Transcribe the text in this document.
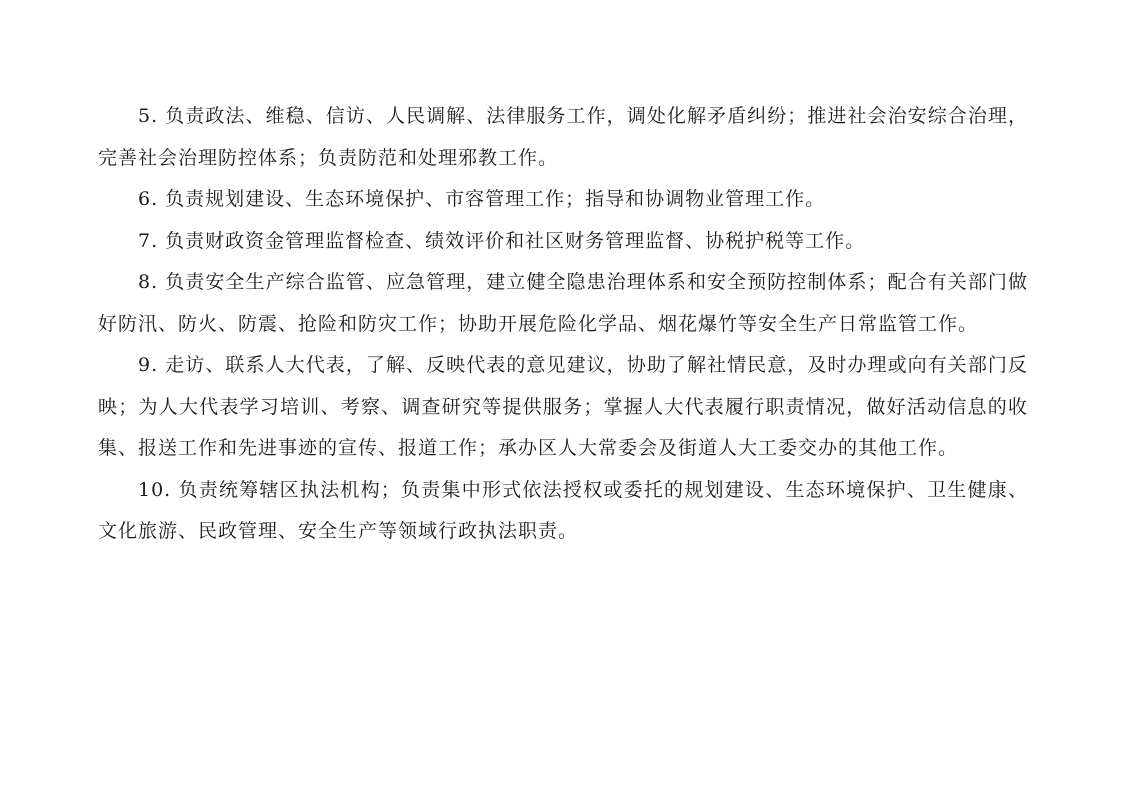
5. 负责政法、维稳、信访、人民调解、法律服务工作，调处化解矛盾纠纷；推进社会治安综合治理，完善社会治理防控体系；负责防范和处理邪教工作。

6. 负责规划建设、生态环境保护、市容管理工作；指导和协调物业管理工作。

7. 负责财政资金管理监督检查、绩效评价和社区财务管理监督、协税护税等工作。

8. 负责安全生产综合监管、应急管理，建立健全隐患治理体系和安全预防控制体系；配合有关部门做好防汛、防火、防震、抢险和防灾工作；协助开展危险化学品、烟花爆竹等安全生产日常监管工作。

9. 走访、联系人大代表，了解、反映代表的意见建议，协助了解社情民意，及时办理或向有关部门反映；为人大代表学习培训、考察、调查研究等提供服务；掌握人大代表履行职责情况，做好活动信息的收集、报送工作和先进事迹的宣传、报道工作；承办区人大常委会及街道人大工委交办的其他工作。

10. 负责统筹辖区执法机构；负责集中形式依法授权或委托的规划建设、生态环境保护、卫生健康、文化旅游、民政管理、安全生产等领域行政执法职责。
